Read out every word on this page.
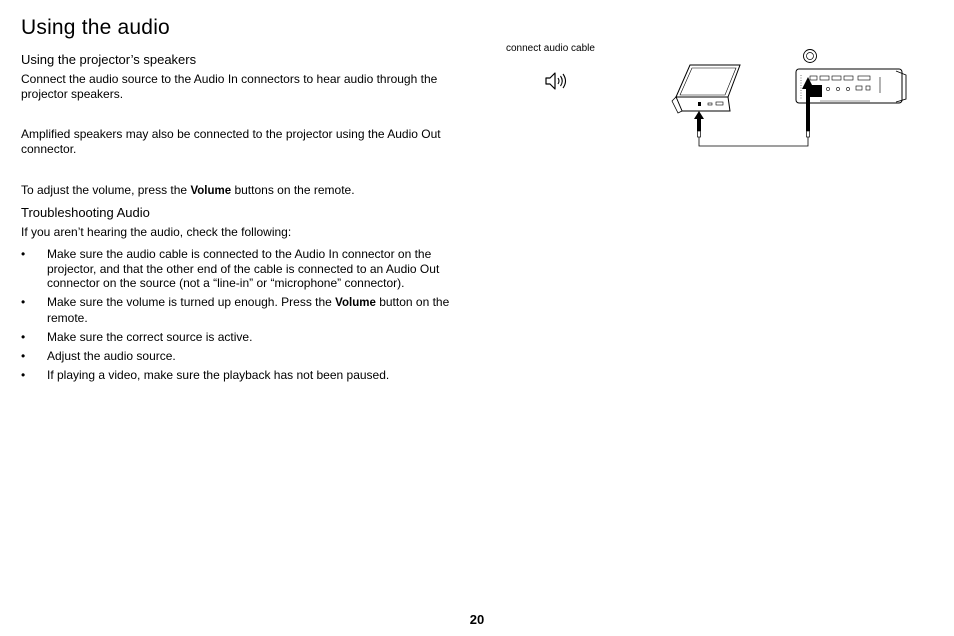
Using the audio
Using the projector’s speakers

Connect the audio source to the Audio In connectors to hear audio through the projector speakers.

Amplified speakers may also be connected to the projector using the Audio Out connector.

To adjust the volume, press the Volume buttons on the remote.

Troubleshooting Audio

If you aren’t hearing the audio, check the following:

• Make sure the audio cable is connected to the Audio In connector on the projector, and that the other end of the cable is connected to an Audio Out connector on the source (not a “line-in” or “microphone” connector).
• Make sure the volume is turned up enough. Press the Volume button on the remote.
• Make sure the correct source is active.
• Adjust the audio source.
• If playing a video, make sure the playback has not been paused.

connect audio cable

20
